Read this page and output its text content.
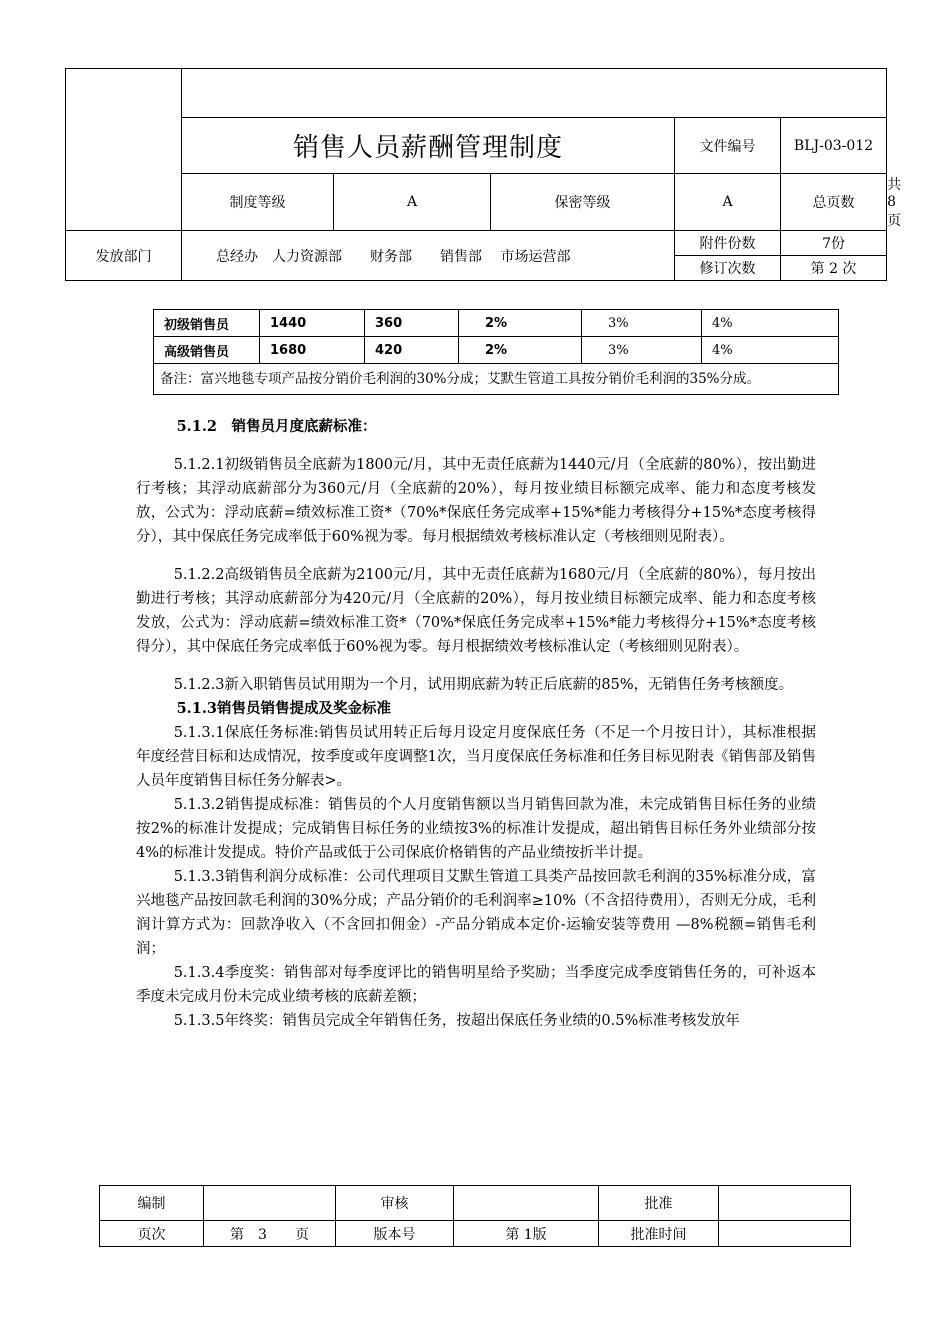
	销售人员薪酬管理制度			文件编号	BLJ-03-012	
	制度等级	A	保密等级	A	总页数	共8页
发放部门	总经办　人力资源部　　财务部　　销售部　 市场运营部			附件份数	7份	
				修订次数	第 2 次	
初级销售员	1440	360	2%	3%	4%
高级销售员	1680	420	2%	3%	4%
备注：富兴地毯专项产品按分销价毛利润的30%分成；艾默生管道工具按分销价毛利润的35%分成。					

5.1.2　销售员月度底薪标准：

5.1.2.1初级销售员全底薪为1800元/月，其中无责任底薪为1440元/月（全底薪的80%），按出勤进行考核；其浮动底薪部分为360元/月（全底薪的20%），每月按业绩目标额完成率、能力和态度考核发放，公式为：浮动底薪=绩效标准工资*（70%*保底任务完成率+15%*能力考核得分+15%*态度考核得分），其中保底任务完成率低于60%视为零。每月根据绩效考核标准认定（考核细则见附表）。

5.1.2.2高级销售员全底薪为2100元/月，其中无责任底薪为1680元/月（全底薪的80%），每月按出勤进行考核；其浮动底薪部分为420元/月（全底薪的20%），每月按业绩目标额完成率、能力和态度考核发放，公式为：浮动底薪=绩效标准工资*（70%*保底任务完成率+15%*能力考核得分+15%*态度考核得分），其中保底任务完成率低于60%视为零。每月根据绩效考核标准认定（考核细则见附表）。

5.1.2.3新入职销售员试用期为一个月，试用期底薪为转正后底薪的85%，无销售任务考核额度。

5.1.3销售员销售提成及奖金标准

5.1.3.1保底任务标准:销售员试用转正后每月设定月度保底任务（不足一个月按日计），其标准根据年度经营目标和达成情况，按季度或年度调整1次，当月度保底任务标准和任务目标见附表《销售部及销售人员年度销售目标任务分解表>。

5.1.3.2销售提成标准：销售员的个人月度销售额以当月销售回款为准，未完成销售目标任务的业绩按2%的标准计发提成；完成销售目标任务的业绩按3%的标准计发提成，超出销售目标任务外业绩部分按4%的标准计发提成。特价产品或低于公司保底价格销售的产品业绩按折半计提。

5.1.3.3销售利润分成标准：公司代理项目艾默生管道工具类产品按回款毛利润的35%标准分成，富兴地毯产品按回款毛利润的30%分成；产品分销价的毛利润率≥10%（不含招待费用），否则无分成，毛利润计算方式为：回款净收入（不含回扣佣金）-产品分销成本定价-运输安装等费用 —8%税额=销售毛利润；

5.1.3.4季度奖：销售部对每季度评比的销售明星给予奖励；当季度完成季度销售任务的，可补返本季度未完成月份未完成业绩考核的底薪差额；

5.1.3.5年终奖：销售员完成全年销售任务，按超出保底任务业绩的0.5%标准考核发放年

编制		审核		批准	
页次	第　3　　页	版本号	第 1版	批准时间	
